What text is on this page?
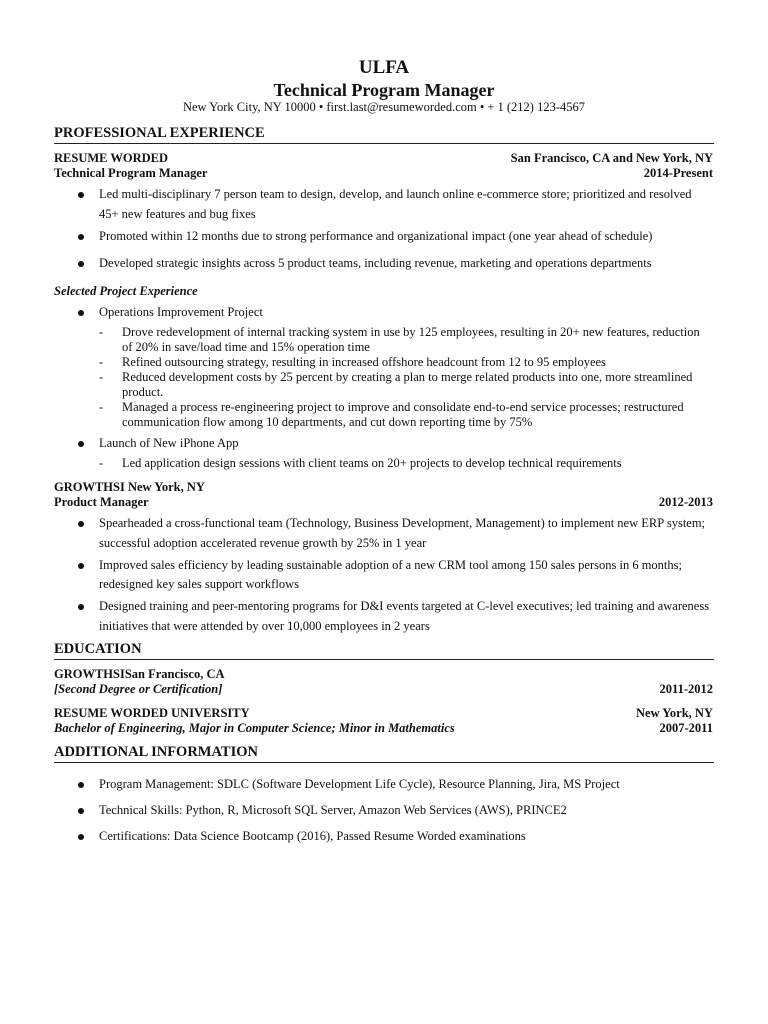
ULFA
Technical Program Manager
New York City, NY 10000 • first.last@resumeworded.com • + 1 (212) 123-4567
PROFESSIONAL EXPERIENCE
RESUME WORDED	San Francisco, CA and New York, NY
Technical Program Manager	2014-Present
Led multi-disciplinary 7 person team to design, develop, and launch online e-commerce store; prioritized and resolved
45+ new features and bug fixes
Promoted within 12 months due to strong performance and organizational impact (one year ahead of schedule)
Developed strategic insights across 5 product teams, including revenue, marketing and operations departments
Selected Project Experience
Operations Improvement Project
- Drove redevelopment of internal tracking system in use by 125 employees, resulting in 20+ new features, reduction
of 20% in save/load time and 15% operation time
- Refined outsourcing strategy, resulting in increased offshore headcount from 12 to 95 employees
- Reduced development costs by 25 percent by creating a plan to merge related products into one, more streamlined
product.
- Managed a process re-engineering project to improve and consolidate end-to-end service processes; restructured
communication flow among 10 departments, and cut down reporting time by 75%
Launch of New iPhone App
- Led application design sessions with client teams on 20+ projects to develop technical requirements
GROWTHSI New York, NY
Product Manager	2012-2013
Spearheaded a cross-functional team (Technology, Business Development, Management) to implement new ERP system;
successful adoption accelerated revenue growth by 25% in 1 year
Improved sales efficiency by leading sustainable adoption of a new CRM tool among 150 sales persons in 6 months;
redesigned key sales support workflows
Designed training and peer-mentoring programs for D&I events targeted at C-level executives; led training and awareness
initiatives that were attended by over 10,000 employees in 2 years
EDUCATION
GROWTHSISan Francisco, CA
[Second Degree or Certification]	2011-2012
RESUME WORDED UNIVERSITY	New York, NY
Bachelor of Engineering, Major in Computer Science; Minor in Mathematics	2007-2011
ADDITIONAL INFORMATION
Program Management: SDLC (Software Development Life Cycle), Resource Planning, Jira, MS Project
Technical Skills: Python, R, Microsoft SQL Server, Amazon Web Services (AWS), PRINCE2
Certifications: Data Science Bootcamp (2016), Passed Resume Worded examinations
